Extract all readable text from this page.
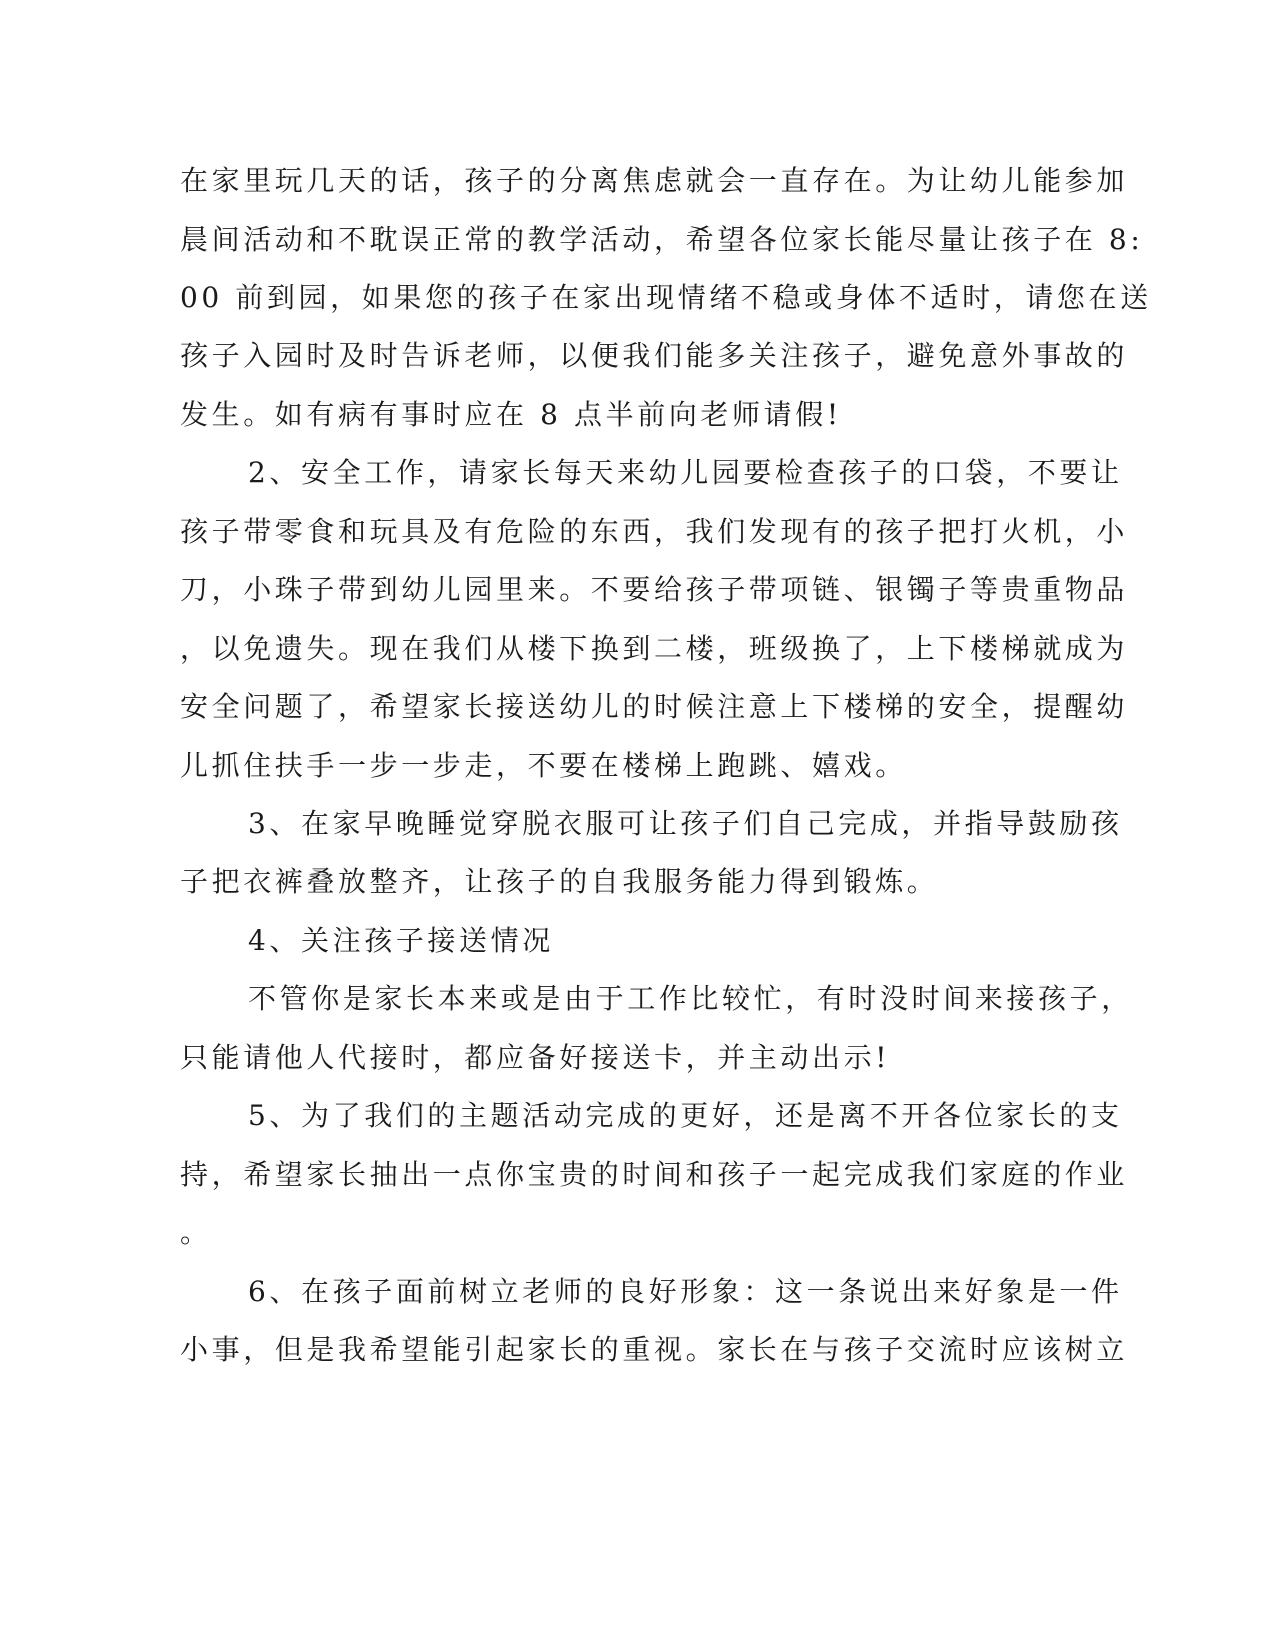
在家里玩几天的话，孩子的分离焦虑就会一直存在。为让幼儿能参加
晨间活动和不耽误正常的教学活动，希望各位家长能尽量让孩子在 8:
00 前到园，如果您的孩子在家出现情绪不稳或身体不适时，请您在送
孩子入园时及时告诉老师，以便我们能多关注孩子，避免意外事故的
发生。如有病有事时应在 8 点半前向老师请假!
2、安全工作，请家长每天来幼儿园要检查孩子的口袋，不要让
孩子带零食和玩具及有危险的东西，我们发现有的孩子把打火机，小
刀，小珠子带到幼儿园里来。不要给孩子带项链、银镯子等贵重物品
，以免遗失。现在我们从楼下换到二楼，班级换了，上下楼梯就成为
安全问题了，希望家长接送幼儿的时候注意上下楼梯的安全，提醒幼
儿抓住扶手一步一步走，不要在楼梯上跑跳、嬉戏。
3、在家早晚睡觉穿脱衣服可让孩子们自己完成，并指导鼓励孩
子把衣裤叠放整齐，让孩子的自我服务能力得到锻炼。
4、关注孩子接送情况
不管你是家长本来或是由于工作比较忙，有时没时间来接孩子，
只能请他人代接时，都应备好接送卡，并主动出示!
5、为了我们的主题活动完成的更好，还是离不开各位家长的支
持，希望家长抽出一点你宝贵的时间和孩子一起完成我们家庭的作业
。
6、在孩子面前树立老师的良好形象：这一条说出来好象是一件
小事，但是我希望能引起家长的重视。家长在与孩子交流时应该树立
